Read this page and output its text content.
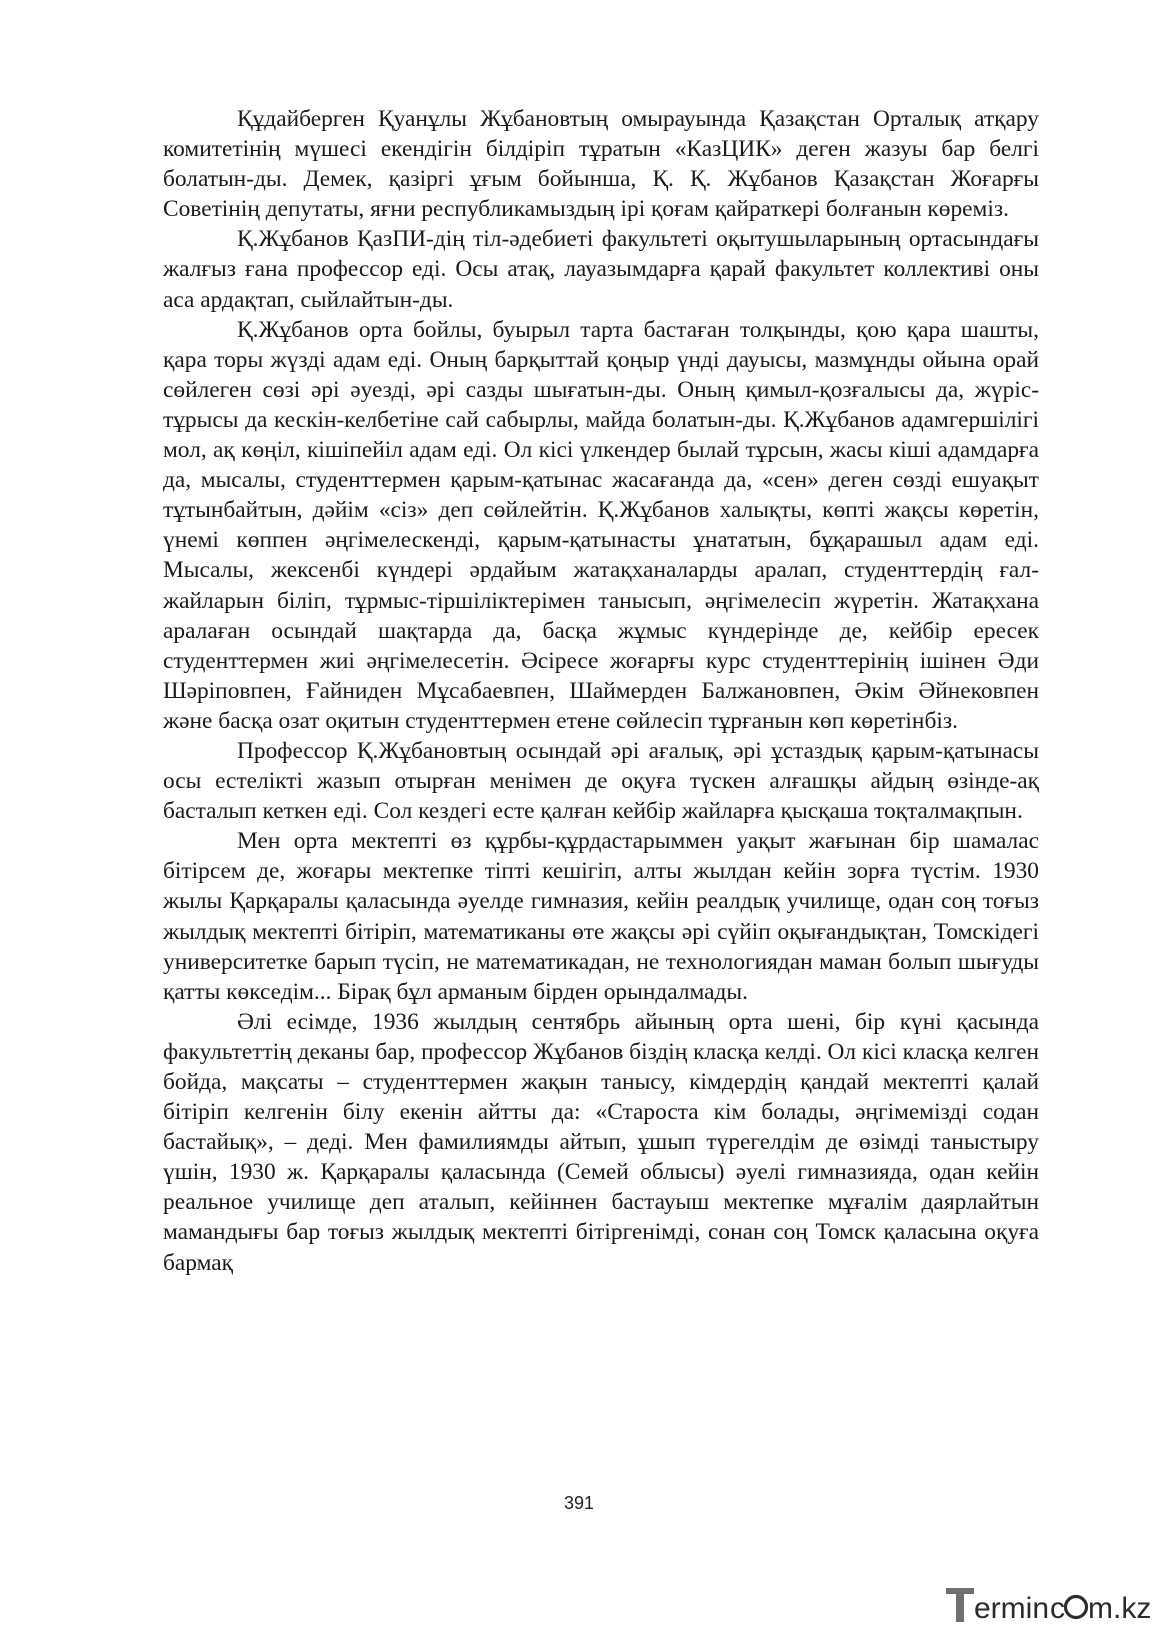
Құдайберген Қуанұлы Жұбановтың омырауында Қазақстан Орталық атқару комитетінің мүшесі екендігін білдіріп тұратын «КазЦИК» деген жазуы бар белгі болатын-ды. Демек, қазіргі ұғым бойынша, Қ. Қ. Жұбанов Қазақстан Жоғарғы Советінің депутаты, яғни республикамыздың ірі қоғам қайраткері болғанын көреміз.

Қ.Жұбанов ҚазПИ-дің тіл-әдебиеті факультеті оқытушыларының ортасындағы жалғыз ғана профессор еді. Осы атақ, лауазымдарға қарай факультет коллективі оны аса ардақтап, сыйлайтын-ды.

Қ.Жұбанов орта бойлы, буырыл тарта бастаған толқынды, қою қара шашты, қара торы жүзді адам еді. Оның барқыттай қоңыр үнді дауысы, мазмұнды ойына орай сөйлеген сөзі әрі әуезді, әрі сазды шығатын-ды. Оның қимыл-қозғалысы да, жүріс-тұрысы да кескін-келбетіне сай сабырлы, майда болатын-ды. Қ.Жұбанов адамгершілігі мол, ақ көңіл, кішіпейіл адам еді. Ол кісі үлкендер былай тұрсын, жасы кіші адамдарға да, мысалы, студенттермен қарым-қатынас жасағанда да, «сен» деген сөзді ешуақыт тұтынбайтын, дәйім «сіз» деп сөйлейтін. Қ.Жұбанов халықты, көпті жақсы көретін, үнемі көппен әңгімелескенді, қарым-қатынасты ұнататын, бұқарашыл адам еді. Мысалы, жексенбі күндері әрдайым жатақханаларды аралап, студенттердің ғал-жайларын біліп, тұрмыс-тіршіліктерімен танысып, әңгімелесіп жүретін. Жатақхана аралаған осындай шақтарда да, басқа жұмыс күндерінде де, кейбір ересек студенттермен жиі әңгімелесетін. Әсіресе жоғарғы курс студенттерінің ішінен Әди Шәріповпен, Ғайниден Мұсабаевпен, Шаймерден Балжановпен, Әкім Әйнековпен және басқа озат оқитын студенттермен етене сөйлесіп тұрғанын көп көретінбіз.

Профессор Қ.Жұбановтың осындай әрі ағалық, әрі ұстаздық қарым-қатынасы осы естелікті жазып отырған менімен де оқуға түскен алғашқы айдың өзінде-ақ басталып кеткен еді. Сол кездегі есте қалған кейбір жайларға қысқаша тоқталмақпын.

Мен орта мектепті өз құрбы-құрдастарыммен уақыт жағынан бір шамалас бітірсем де, жоғары мектепке тіпті кешігіп, алты жылдан кейін зорға түстім. 1930 жылы Қарқаралы қаласында әуелде гимназия, кейін реалдық училище, одан соң тоғыз жылдық мектепті бітіріп, математиканы өте жақсы әрі сүйіп оқығандықтан, Томскідегі университетке барып түсіп, не математикадан, не технологиядан маман болып шығуды қатты көкседім... Бірақ бұл арманым бірден орындалмады.

Әлі есімде, 1936 жылдың сентябрь айының орта шені, бір күні қасында факультеттің деканы бар, профессор Жұбанов біздің класқа келді. Ол кісі класқа келген бойда, мақсаты – студенттермен жақын танысу, кімдердің қандай мектепті қалай бітіріп келгенін білу екенін айтты да: «Староста кім болады, әңгімемізді содан бастайық», – деді. Мен фамилиямды айтып, ұшып түрегелдім де өзімді таныстыру үшін, 1930 ж. Қарқаралы қаласында (Семей облысы) әуелі гимназияда, одан кейін реальное училище деп аталып, кейіннен бастауыш мектепке мұғалім даярлайтын мамандығы бар тоғыз жылдық мектепті бітіргенімді, сонан соң Томск қаласына оқуға бармақ

391
ermin c m.kz
